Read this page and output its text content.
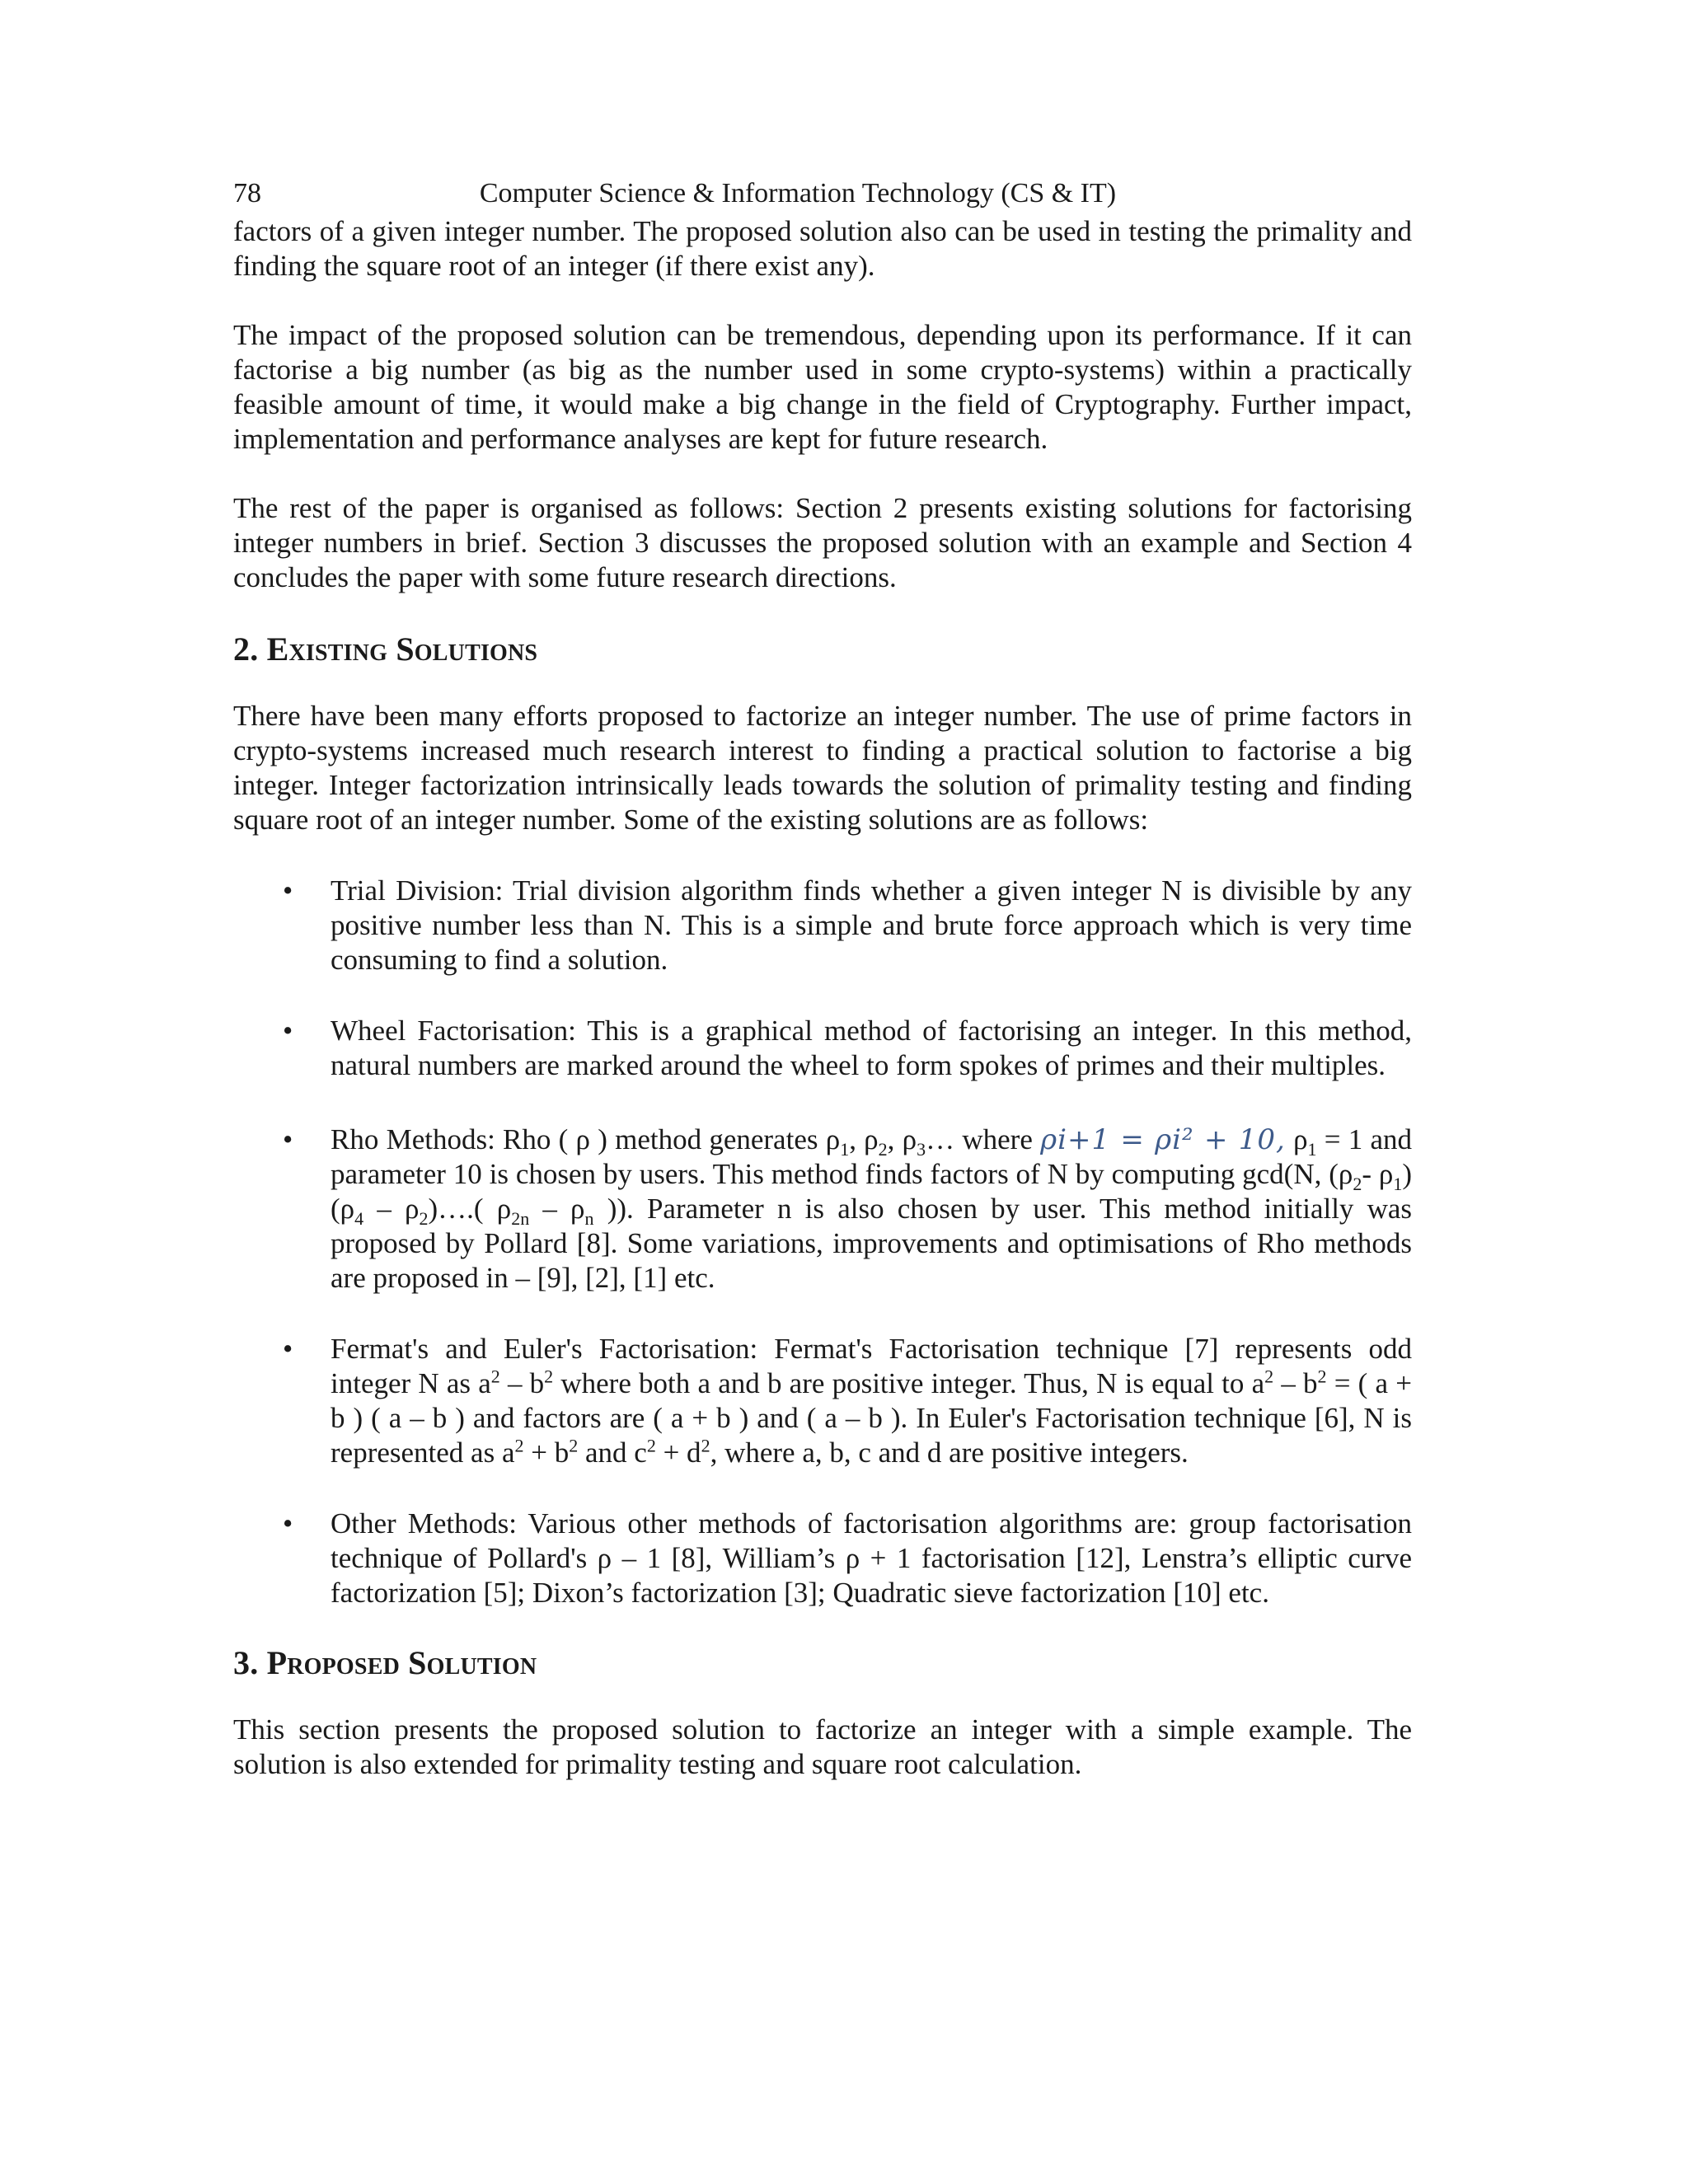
78	Computer Science & Information Technology (CS & IT)

factors of a given integer number. The proposed solution also can be used in testing the primality and finding the square root of an integer (if there exist any).

The impact of the proposed solution can be tremendous, depending upon its performance. If it can factorise a big number (as big as the number used in some crypto-systems) within a practically feasible amount of time, it would make a big change in the field of Cryptography. Further impact, implementation and performance analyses are kept for future research.

The rest of the paper is organised as follows: Section 2 presents existing solutions for factorising integer numbers in brief. Section 3 discusses the proposed solution with an example and Section 4 concludes the paper with some future research directions.

2. Existing Solutions

There have been many efforts proposed to factorize an integer number. The use of prime factors in crypto-systems increased much research interest to finding a practical solution to factorise a big integer. Integer factorization intrinsically leads towards the solution of primality testing and finding square root of an integer number. Some of the existing solutions are as follows:

• Trial Division: Trial division algorithm finds whether a given integer N is divisible by any positive number less than N. This is a simple and brute force approach which is very time consuming to find a solution.
• Wheel Factorisation: This is a graphical method of factorising an integer. In this method, natural numbers are marked around the wheel to form spokes of primes and their multiples.
• Rho Methods: Rho ( ρ ) method generates $\rho_1$, $\rho_2$, $\rho_3\dots$ where ρi+1 = ρi² + 10, $\rho_1 = 1$ and parameter 10 is chosen by users. This method finds factors of N by computing gcd(N, ($\rho_2-$ $\rho_1$) ($\rho_4$ – $\rho_2)\dots$.( $\rho_{2n} - \rho_n$ )). Parameter n is also chosen by user. This method initially was proposed by Pollard [8]. Some variations, improvements and optimisations of Rho methods are proposed in – [9], [2], [1] etc.
• Fermat's and Euler's Factorisation: Fermat's Factorisation technique [7] represents odd integer N as $a^2 - b^2$ where both a and b are positive integer. Thus, N is equal to $a^2 - b^2$ = ( a + b ) ( a – b ) and factors are ( a + b ) and ( a – b ). In Euler's Factorisation technique [6], N is represented as $a^2 + b^2$ and $c^2 + d^2$, where a, b, c and d are positive integers.
• Other Methods: Various other methods of factorisation algorithms are: group factorisation technique of Pollard's ρ – 1 [8], William’s ρ + 1 factorisation [12], Lenstra’s elliptic curve factorization [5]; Dixon’s factorization [3]; Quadratic sieve factorization [10] etc.
3. Proposed Solution

This section presents the proposed solution to factorize an integer with a simple example. The solution is also extended for primality testing and square root calculation.
